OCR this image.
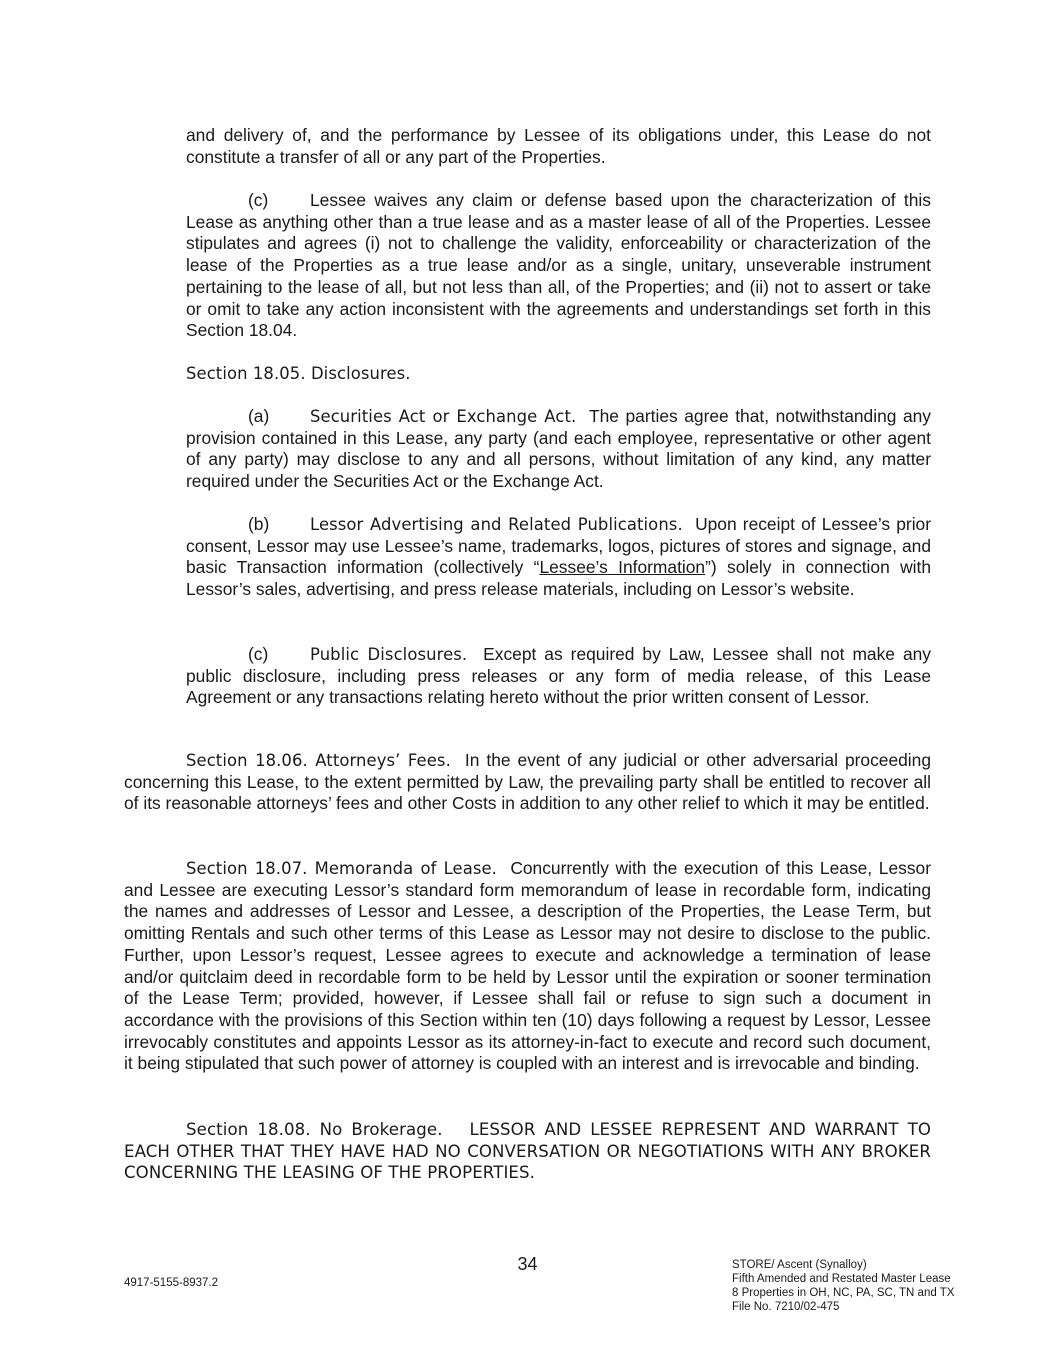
and delivery of, and the performance by Lessee of its obligations under, this Lease do not constitute a transfer of all or any part of the Properties.

(c) Lessee waives any claim or defense based upon the characterization of this Lease as anything other than a true lease and as a master lease of all of the Properties. Lessee stipulates and agrees (i) not to challenge the validity, enforceability or characterization of the lease of the Properties as a true lease and/or as a single, unitary, unseverable instrument pertaining to the lease of all, but not less than all, of the Properties; and (ii) not to assert or take or omit to take any action inconsistent with the agreements and understandings set forth in this Section 18.04.

Section 18.05. Disclosures.

(a) Securities Act or Exchange Act. The parties agree that, notwithstanding any provision contained in this Lease, any party (and each employee, representative or other agent of any party) may disclose to any and all persons, without limitation of any kind, any matter required under the Securities Act or the Exchange Act.

(b) Lessor Advertising and Related Publications. Upon receipt of Lessee’s prior consent, Lessor may use Lessee’s name, trademarks, logos, pictures of stores and signage, and basic Transaction information (collectively “Lessee’s Information”) solely in connection with Lessor’s sales, advertising, and press release materials, including on Lessor’s website.

(c)	Public Disclosures. Except as required by Law, Lessee shall not make any public disclosure, including press releases or any form of media release, of this Lease Agreement or any transactions relating hereto without the prior written consent of Lessor.

Section 18.06. Attorneys’ Fees. In the event of any judicial or other adversarial proceeding concerning this Lease, to the extent permitted by Law, the prevailing party shall be entitled to recover all of its reasonable attorneys’ fees and other Costs in addition to any other relief to which it may be entitled.

Section 18.07. Memoranda of Lease. Concurrently with the execution of this Lease, Lessor and Lessee are executing Lessor’s standard form memorandum of lease in recordable form, indicating the names and addresses of Lessor and Lessee, a description of the Properties, the Lease Term, but omitting Rentals and such other terms of this Lease as Lessor may not desire to disclose to the public. Further, upon Lessor’s request, Lessee agrees to execute and acknowledge a termination of lease and/or quitclaim deed in recordable form to be held by Lessor until the expiration or sooner termination of the Lease Term; provided, however, if Lessee shall fail or refuse to sign such a document in accordance with the provisions of this Section within ten (10) days following a request by Lessor, Lessee irrevocably constitutes and appoints Lessor as its attorney-in-fact to execute and record such document, it being stipulated that such power of attorney is coupled with an interest and is irrevocable and binding.

Section 18.08. No Brokerage. LESSOR AND LESSEE REPRESENT AND WARRANT TO EACH OTHER THAT THEY HAVE HAD NO CONVERSATION OR NEGOTIATIONS WITH ANY BROKER CONCERNING THE LEASING OF THE PROPERTIES.

4917-5155-8937.2
34	STORE/ Ascent (Synalloy)
Fifth Amended and Restated Master Lease
8 Properties in OH, NC, PA, SC, TN and TX
File No. 7210/02-475
